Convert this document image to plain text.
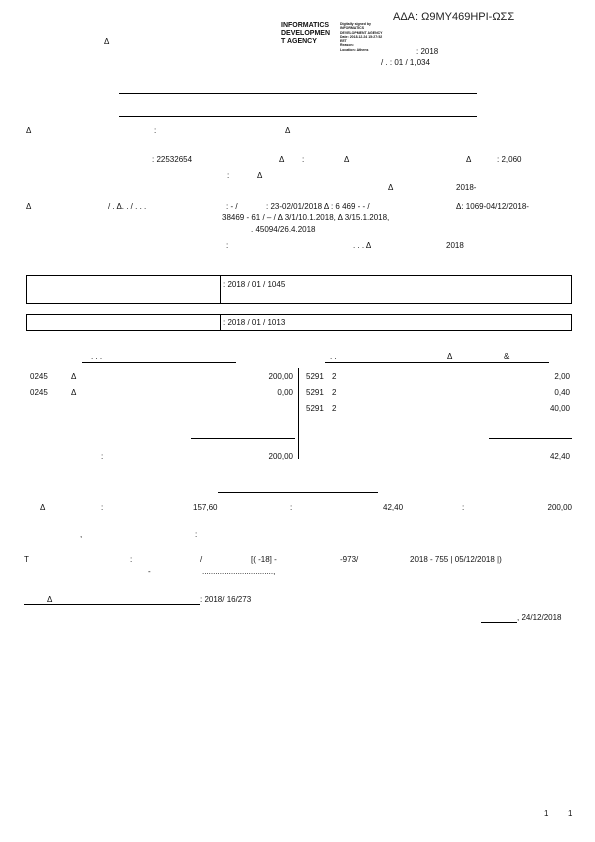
ΑΔΑ: Ω9ΜΥ469ΗΡΙ-ΩΣΣ
INFORMATICS DEVELOPMEN T AGENCY
Digitally signed by
INFORMATICS
DEVELOPMENT AGENCY
Date: 2018.12.24 15:27:52
EET
Reason:
Location: Athens
Δ
: 2018
/ . : 01 / 1,034
Δ	:	Δ
: 22532654	Δ :	Δ	Δ	: 2,060
:	Δ
Δ	2018-
Δ	/ . Δ. . / . . .	: - /	: 23-02/01/2018 Δ : 6 469 - - /	Δ: 1069-04/12/2018-
38469 - 61 / – / Δ 3/1/10.1.2018, Δ 3/15.1.2018,
. 45094/26.4.2018
:	. . . Δ	2018
: 2018 / 01 / 1045
: 2018 / 01 / 1013
. . .	. .	Δ	&
0245	Δ	200,00
0245	Δ	0,00
5291 2	2,00
5291 2	0,40
5291 2	40,00
:	200,00	42,40
Δ	:	157,60	:	42,40	:	200,00
,	:
T	:	/	[( -18] -	-973/	2018 - 755 | 05/12/2018 |)
-	................................,
Δ	: 2018/ 16/273
, 24/12/2018
1 1
